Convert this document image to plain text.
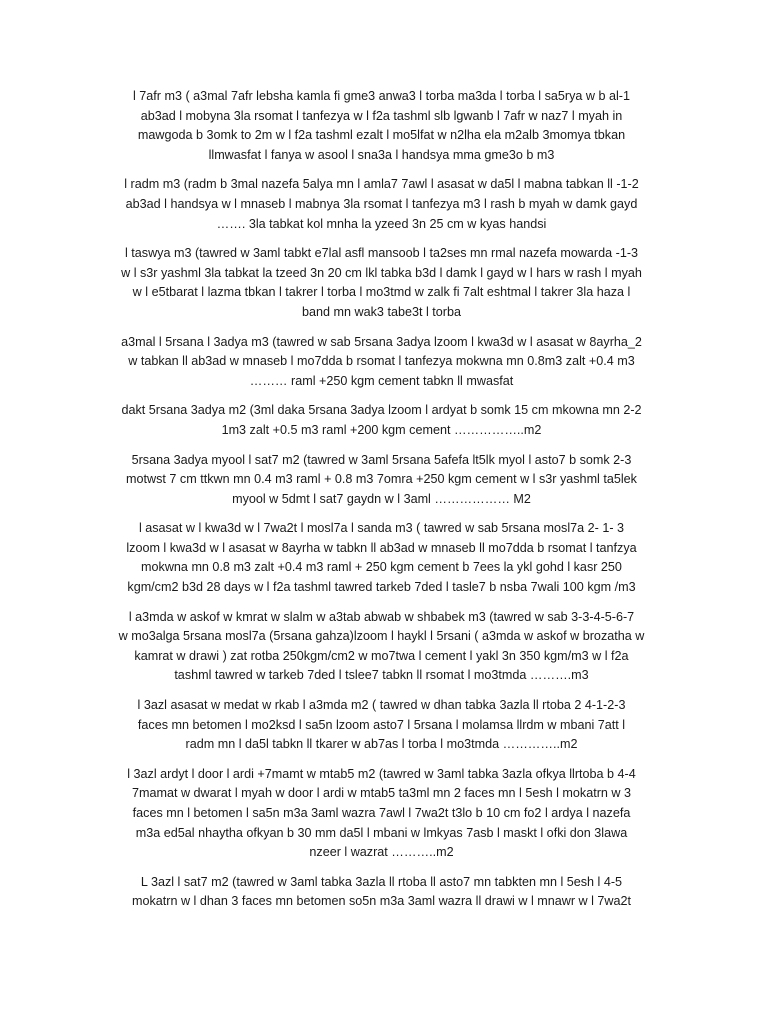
l 7afr m3 ( a3mal 7afr lebsha kamla fi gme3 anwa3 l torba ma3da l torba l sa5rya w b al-1
ab3ad l mobyna 3la rsomat l tanfezya w l f2a tashml slb lgwanb l 7afr w naz7 l myah in
mawgoda b 3omk to 2m w l f2a tashml ezalt l mo5lfat w n2lha ela m2alb 3momya tbkan
llmwasfat l fanya w asool l sna3a l handsya mma gme3o b m3
l radm m3 (radm b 3mal nazefa 5alya mn l amla7 7awl l asasat w da5l l mabna tabkan ll -1-2
ab3ad l handsya w l mnaseb l mabnya 3la rsomat l tanfezya m3 l rash b myah w damk gayd
……. 3la tabkat kol mnha la yzeed 3n 25 cm w kyas handsi
l taswya m3 (tawred w 3aml tabkt e7lal asfl mansoob l ta2ses mn rmal nazefa mowarda -1-3
w l s3r yashml 3la tabkat la tzeed 3n 20 cm lkl tabka b3d l damk l gayd w l hars w rash l myah
w l e5tbarat l lazma tbkan l takrer l torba l mo3tmd w zalk fi 7alt eshtmal l takrer 3la haza l
band mn wak3 tabe3t l torba
a3mal l 5rsana l 3adya m3 (tawred w sab 5rsana 3adya lzoom l kwa3d w l asasat w 8ayrha_2
w tabkan ll ab3ad w mnaseb l mo7dda b rsomat l tanfezya mokwna mn 0.8m3 zalt +0.4 m3
……… raml +250 kgm cement tabkn ll mwasfat
dakt 5rsana 3adya m2 (3ml daka 5rsana 3adya lzoom l ardyat b somk 15 cm mkowna mn 2-2
1m3 zalt +0.5 m3 raml +200 kgm cement ……………..m2
5rsana 3adya myool l sat7 m2 (tawred w 3aml 5rsana 5afefa lt5lk myol l asto7 b somk 2-3
motwst 7 cm ttkwn mn 0.4 m3 raml + 0.8 m3 7omra +250 kgm cement w l s3r yashml ta5lek
myool w 5dmt l sat7 gaydn w l 3aml ……………… M2
l asasat w l kwa3d w l 7wa2t l mosl7a l sanda m3 ( tawred w sab 5rsana mosl7a 2- 1- 3
lzoom l kwa3d w l asasat w 8ayrha w tabkn ll ab3ad w mnaseb ll mo7dda b rsomat l tanfzya
mokwna mn 0.8 m3 zalt +0.4 m3 raml + 250 kgm cement b 7ees la ykl gohd l kasr 250
kgm/cm2 b3d 28 days w l f2a tashml tawred tarkeb 7ded l tasle7 b nsba 7wali 100 kgm /m3
l a3mda w askof w kmrat w slalm w a3tab abwab w shbabek m3 (tawred w sab 3-3-4-5-6-7
w mo3alga 5rsana mosl7a (5rsana gahza)lzoom l haykl l 5rsani ( a3mda w askof w brozatha w
kamrat w drawi ) zat rotba 250kgm/cm2 w mo7twa l cement l yakl 3n 350 kgm/m3 w l f2a
tashml tawred w tarkeb 7ded l tslee7 tabkn ll rsomat l mo3tmda ……….m3
l 3azl asasat w medat w rkab l a3mda m2 ( tawred w dhan tabka 3azla ll rtoba 2 4-1-2-3
faces mn betomen l mo2ksd l sa5n lzoom asto7 l 5rsana l molamsa llrdm w mbani 7att l
radm mn l da5l tabkn ll tkarer w ab7as l torba l mo3tmda …………..m2
l 3azl ardyt l door l ardi +7mamt w mtab5 m2 (tawred w 3aml tabka 3azla ofkya llrtoba b 4-4
7mamat w dwarat l myah w door l ardi w mtab5 ta3ml mn 2 faces mn l 5esh l mokatrn w 3
faces mn l betomen l sa5n m3a 3aml wazra 7awl l 7wa2t t3lo b 10 cm fo2 l ardya l nazefa
m3a ed5al nhaytha ofkyan b 30 mm da5l l mbani w lmkyas 7asb l maskt l ofki don 3lawa
nzeer l wazrat ………..m2
L 3azl l sat7 m2 (tawred w 3aml tabka 3azla ll rtoba ll asto7 mn tabkten mn l 5esh l 4-5
mokatrn w l dhan 3 faces mn betomen so5n m3a 3aml wazra ll drawi w l mnawr w l 7wa2t
